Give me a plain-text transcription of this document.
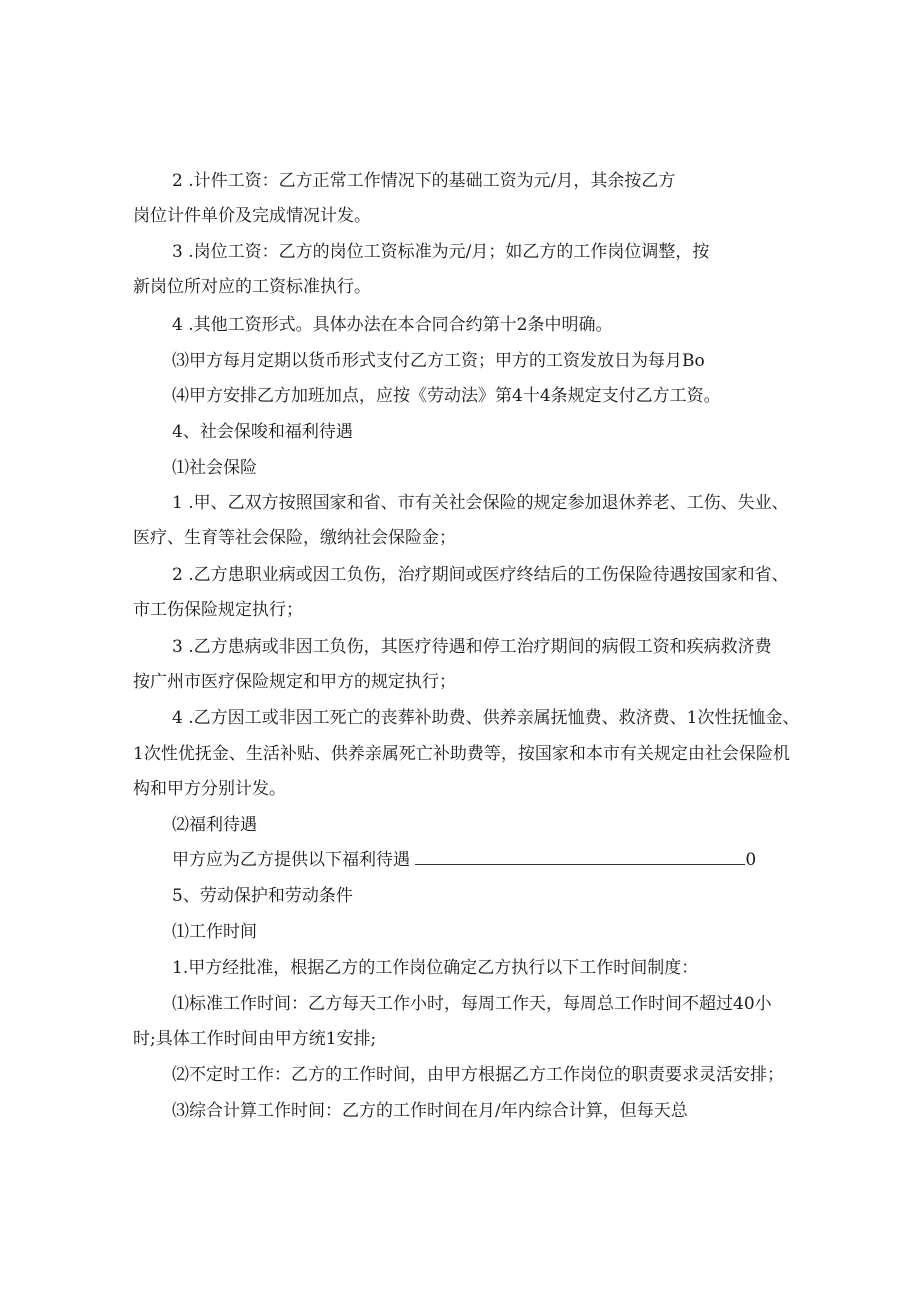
2 .计件工资：乙方正常工作情况下的基础工资为元/月，其余按乙方
岗位计件单价及完成情况计发。
3 .岗位工资：乙方的岗位工资标准为元/月；如乙方的工作岗位调整，按
新岗位所对应的工资标准执行。
4 .其他工资形式。具体办法在本合同合约第十2条中明确。
⑶甲方每月定期以货币形式支付乙方工资；甲方的工资发放日为每月Bo
⑷甲方安排乙方加班加点，应按《劳动法》第4十4条规定支付乙方工资。
4、社会保唆和福利待遇
⑴社会保险
1 .甲、乙双方按照国家和省、市有关社会保险的规定参加退休养老、工伤、失业、
医疗、生育等社会保险，缴纳社会保险金；
2 .乙方患职业病或因工负伤，治疗期间或医疗终结后的工伤保险待遇按国家和省、
市工伤保险规定执行；
3 .乙方患病或非因工负伤，其医疗待遇和停工治疗期间的病假工资和疾病救济费
按广州市医疗保险规定和甲方的规定执行；
4 .乙方因工或非因工死亡的丧葬补助费、供养亲属抚恤费、救济费、1次性抚恤金、
1次性优抚金、生活补贴、供养亲属死亡补助费等，按国家和本市有关规定由社会保险机
构和甲方分别计发。
⑵福利待遇
甲方应为乙方提供以下福利待遇	0
5、劳动保护和劳动条件
⑴工作时间
1.甲方经批准，根据乙方的工作岗位确定乙方执行以下工作时间制度：
⑴标准工作时间：乙方每天工作小时，每周工作天，每周总工作时间不超过40小
时;具体工作时间由甲方统1安排;
⑵不定时工作：乙方的工作时间，由甲方根据乙方工作岗位的职责要求灵活安排；
⑶综合计算工作时间：乙方的工作时间在月/年内综合计算，但每天总
